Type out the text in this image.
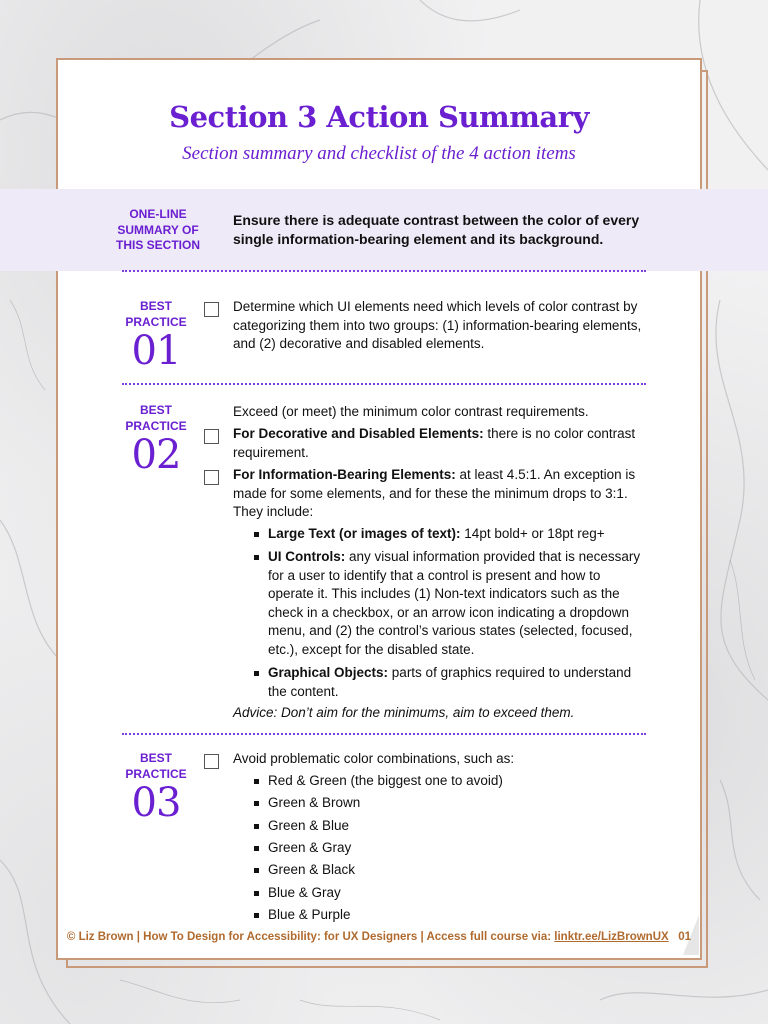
Section 3 Action Summary
Section summary and checklist of the 4 action items
ONE-LINE
SUMMARY OF
THIS SECTION
Ensure there is adequate contrast between the color of every single information-bearing element and its background.
BEST
PRACTICE
01
Determine which UI elements need which levels of color contrast by categorizing them into two groups: (1) information-bearing elements, and (2) decorative and disabled elements.
BEST
PRACTICE
02
Exceed (or meet) the minimum color contrast requirements.
For Decorative and Disabled Elements: there is no color contrast requirement.
For Information-Bearing Elements: at least 4.5:1. An exception is made for some elements, and for these the minimum drops to 3:1. They include:
Large Text (or images of text): 14pt bold+ or 18pt reg+
UI Controls: any visual information provided that is necessary for a user to identify that a control is present and how to operate it. This includes (1) Non-text indicators such as the check in a checkbox, or an arrow icon indicating a dropdown menu, and (2) the control’s various states (selected, focused, etc.), except for the disabled state.
Graphical Objects: parts of graphics required to understand the content.
Advice: Don’t aim for the minimums, aim to exceed them.
BEST
PRACTICE
03
Avoid problematic color combinations, such as:
Red & Green (the biggest one to avoid)
Green & Brown
Green & Blue
Green & Gray
Green & Black
Blue & Gray
Blue & Purple
© Liz Brown | How To Design for Accessibility: for UX Designers | Access full course via: linktr.ee/LizBrownUX 01
